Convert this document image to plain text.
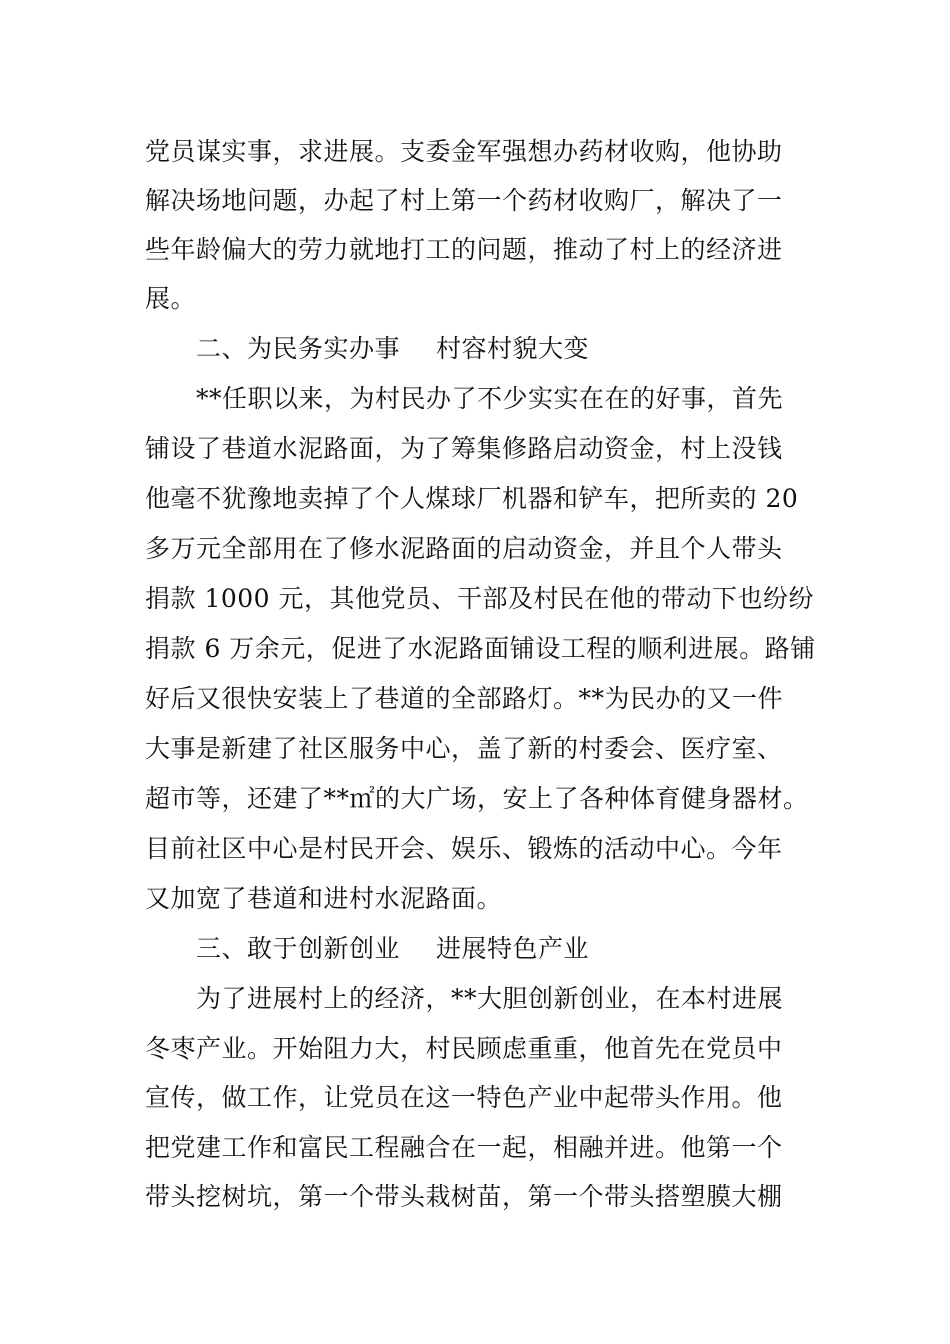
党员谋实事，求进展。支委金军强想办药材收购，他协助
解决场地问题，办起了村上第一个药材收购厂，解决了一
些年龄偏大的劳力就地打工的问题，推动了村上的经济进
展。
二、为民务实办事 村容村貌大变
**任职以来，为村民办了不少实实在在的好事，首先
铺设了巷道水泥路面，为了筹集修路启动资金，村上没钱
他毫不犹豫地卖掉了个人煤球厂机器和铲车，把所卖的 20
多万元全部用在了修水泥路面的启动资金，并且个人带头
捐款 1000 元，其他党员、干部及村民在他的带动下也纷纷
捐款 6 万余元，促进了水泥路面铺设工程的顺利进展。路铺
好后又很快安装上了巷道的全部路灯。**为民办的又一件
大事是新建了社区服务中心，盖了新的村委会、医疗室、
超市等，还建了**㎡的大广场，安上了各种体育健身器材。
目前社区中心是村民开会、娱乐、锻炼的活动中心。今年
又加宽了巷道和进村水泥路面。
三、敢于创新创业 进展特色产业
为了进展村上的经济，**大胆创新创业，在本村进展
冬枣产业。开始阻力大，村民顾虑重重，他首先在党员中
宣传，做工作，让党员在这一特色产业中起带头作用。他
把党建工作和富民工程融合在一起，相融并进。他第一个
带头挖树坑，第一个带头栽树苗，第一个带头搭塑膜大棚
